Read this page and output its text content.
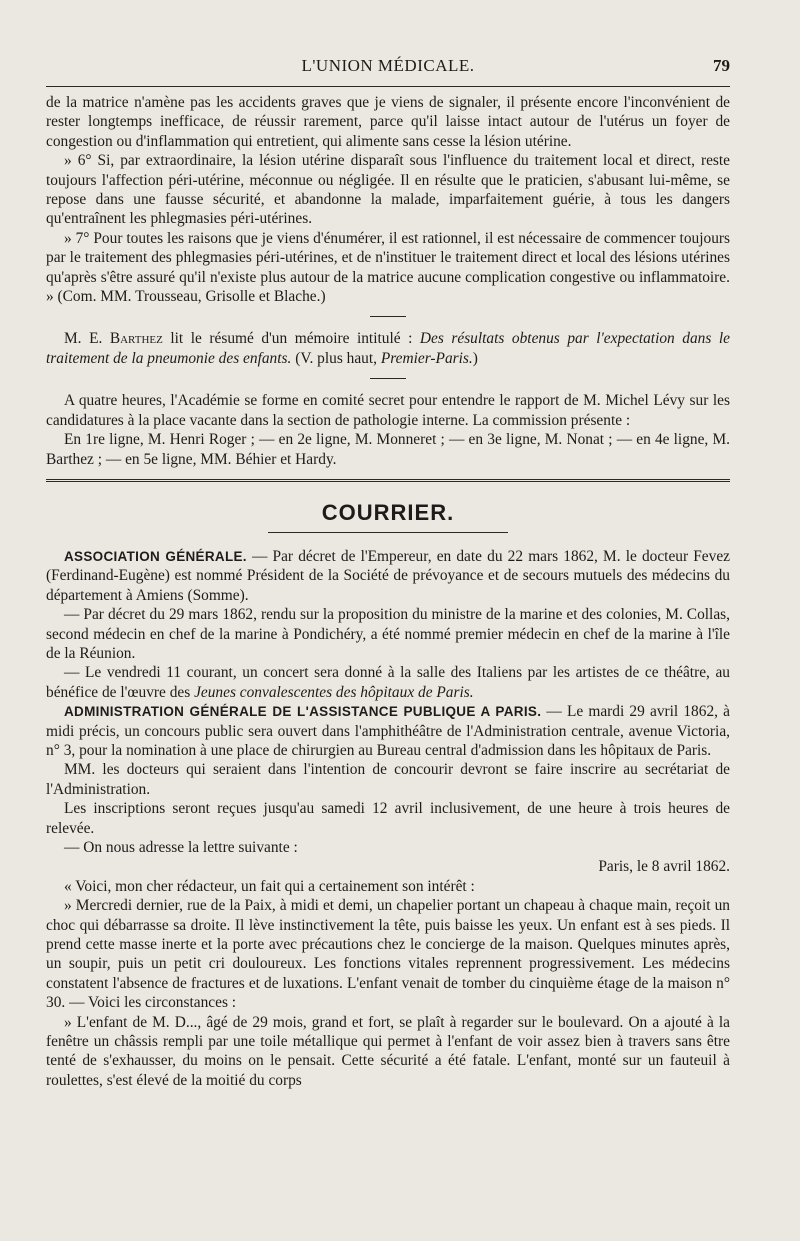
L'UNION MÉDICALE.	79

de la matrice n'amène pas les accidents graves que je viens de signaler, il présente encore l'inconvénient de rester longtemps inefficace, de réussir rarement, parce qu'il laisse intact autour de l'utérus un foyer de congestion ou d'inflammation qui entretient, qui alimente sans cesse la lésion utérine.

» 6° Si, par extraordinaire, la lésion utérine disparaît sous l'influence du traitement local et direct, reste toujours l'affection péri-utérine, méconnue ou négligée. Il en résulte que le praticien, s'abusant lui-même, se repose dans une fausse sécurité, et abandonne la malade, imparfaitement guérie, à tous les dangers qu'entraînent les phlegmasies péri-utérines.

» 7° Pour toutes les raisons que je viens d'énumérer, il est rationnel, il est nécessaire de commencer toujours par le traitement des phlegmasies péri-utérines, et de n'instituer le traitement direct et local des lésions utérines qu'après s'être assuré qu'il n'existe plus autour de la matrice aucune complication congestive ou inflammatoire. » (Com. MM. Trousseau, Grisolle et Blache.)

M. E. Barthez lit le résumé d'un mémoire intitulé : Des résultats obtenus par l'expectation dans le traitement de la pneumonie des enfants. (V. plus haut, Premier-Paris.)

A quatre heures, l'Académie se forme en comité secret pour entendre le rapport de M. Michel Lévy sur les candidatures à la place vacante dans la section de pathologie interne. La commission présente :

En 1re ligne, M. Henri Roger ; — en 2e ligne, M. Monneret ; — en 3e ligne, M. Nonat ; — en 4e ligne, M. Barthez ; — en 5e ligne, MM. Béhier et Hardy.

COURRIER.

ASSOCIATION GÉNÉRALE. — Par décret de l'Empereur, en date du 22 mars 1862, M. le docteur Fevez (Ferdinand-Eugène) est nommé Président de la Société de prévoyance et de secours mutuels des médecins du département à Amiens (Somme).

— Par décret du 29 mars 1862, rendu sur la proposition du ministre de la marine et des colonies, M. Collas, second médecin en chef de la marine à Pondichéry, a été nommé premier médecin en chef de la marine à l'île de la Réunion.

— Le vendredi 11 courant, un concert sera donné à la salle des Italiens par les artistes de ce théâtre, au bénéfice de l'œuvre des Jeunes convalescentes des hôpitaux de Paris.

ADMINISTRATION GÉNÉRALE DE L'ASSISTANCE PUBLIQUE A PARIS. — Le mardi 29 avril 1862, à midi précis, un concours public sera ouvert dans l'amphithéâtre de l'Administration centrale, avenue Victoria, n° 3, pour la nomination à une place de chirurgien au Bureau central d'admission dans les hôpitaux de Paris.

MM. les docteurs qui seraient dans l'intention de concourir devront se faire inscrire au secrétariat de l'Administration.

Les inscriptions seront reçues jusqu'au samedi 12 avril inclusivement, de une heure à trois heures de relevée.

— On nous adresse la lettre suivante :

Paris, le 8 avril 1862.

« Voici, mon cher rédacteur, un fait qui a certainement son intérêt :

» Mercredi dernier, rue de la Paix, à midi et demi, un chapelier portant un chapeau à chaque main, reçoit un choc qui débarrasse sa droite. Il lève instinctivement la tête, puis baisse les yeux. Un enfant est à ses pieds. Il prend cette masse inerte et la porte avec précautions chez le concierge de la maison. Quelques minutes après, un soupir, puis un petit cri douloureux. Les fonctions vitales reprennent progressivement. Les médecins constatent l'absence de fractures et de luxations. L'enfant venait de tomber du cinquième étage de la maison n° 30. — Voici les circonstances :

» L'enfant de M. D..., âgé de 29 mois, grand et fort, se plaît à regarder sur le boulevard. On a ajouté à la fenêtre un châssis rempli par une toile métallique qui permet à l'enfant de voir assez bien à travers sans être tenté de s'exhausser, du moins on le pensait. Cette sécurité a été fatale. L'enfant, monté sur un fauteuil à roulettes, s'est élevé de la moitié du corps
